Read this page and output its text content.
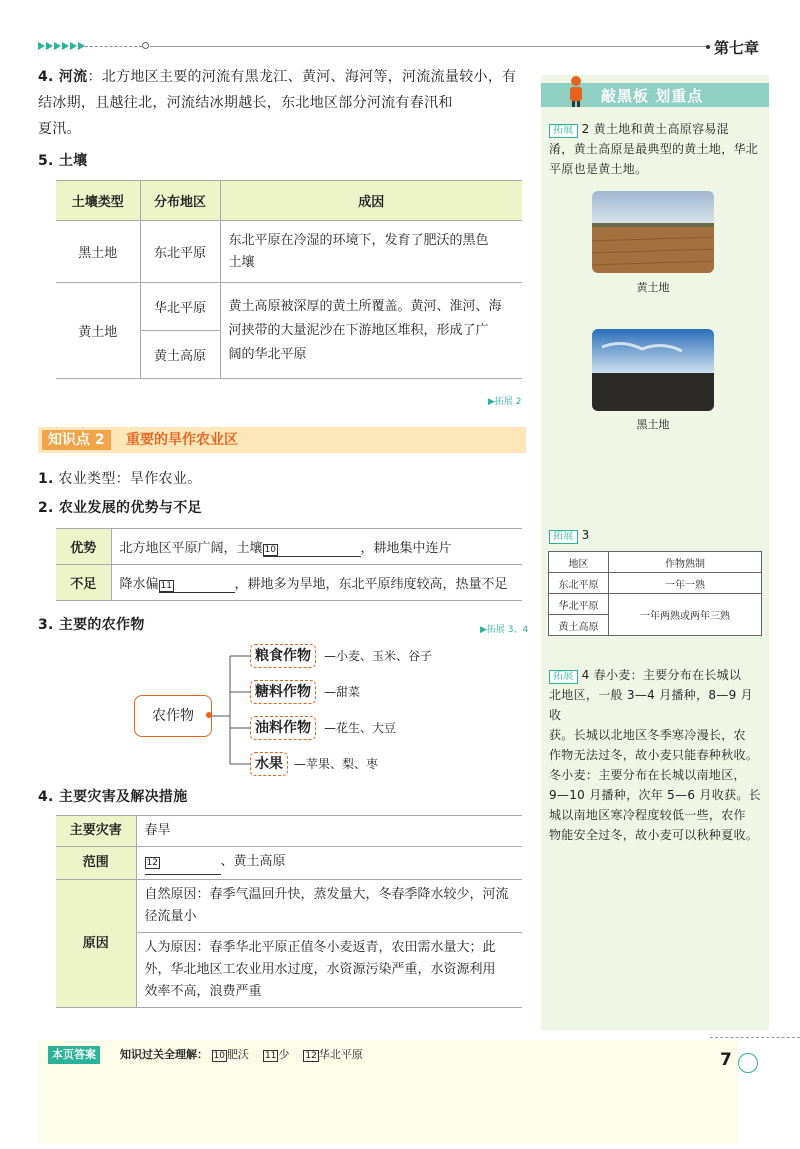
第七章
4. 河流：北方地区主要的河流有黑龙江、黄河、海河等，河流流量较小，有
结冰期，且越往北，河流结冰期越长，东北地区部分河流有春汛和
夏汛。
5. 土壤
土壤类型	分布地区	成因
黑土地	东北平原	东北平原在冷湿的环境下，发育了肥沃的黑色
土壤

黄土地	华北平原	黄土高原被深厚的黄土所覆盖。黄河、淮河、海
河挟带的大量泥沙在下游地区堆积，形成了广
阔的华北平原

	黄土高原	
▶拓展 2
知识点 2	重要的旱作农业区
1. 农业类型：旱作农业。
2. 农业发展的优势与不足
优势	北方地区平原广阔，土壤 10 ，耕地集中连片
不足	降水偏 11 ，耕地多为旱地，东北平原纬度较高，热量不足
3. 主要的农作物	▶拓展 3、4
农作物
粮食作物	—小麦、玉米、谷子
糖料作物	—甜菜
油料作物	—花生、大豆
水果 —苹果、梨、枣
4. 主要灾害及解决措施
主要灾害	春旱
范围	12 、黄土高原
原因	自然原因：春季气温回升快，蒸发量大，冬春季降水较少，河流
径流量小

	人为原因：春季华北平原正值冬小麦返青，农田需水量大；此
外，华北地区工农业用水过度，水资源污染严重，水资源利用
效率不高，浪费严重
敲黑板 划重点
拓展 2 黄土地和黄土高原容易混
淆，黄土高原是最典型的黄土地，华北
平原也是黄土地。
黄土地
黑土地
拓展 3
拓展 4 春小麦：主要分布在长城以
北地区，一般 3—4 月播种，8—9 月收
获。长城以北地区冬季寒冷漫长，农
作物无法过冬，故小麦只能春种秋收。
冬小麦：主要分布在长城以南地区，
9—10 月播种，次年 5—6 月收获。长
城以南地区寒冷程度较低一些，农作
物能安全过冬，故小麦可以秋种夏收。
地区	作物熟制
东北平原	一年一熟
华北平原	一年两熟或两年三熟
黄土高原	
本页答案	知识过关全理解： 10 肥沃 11 少 12 华北平原	7
